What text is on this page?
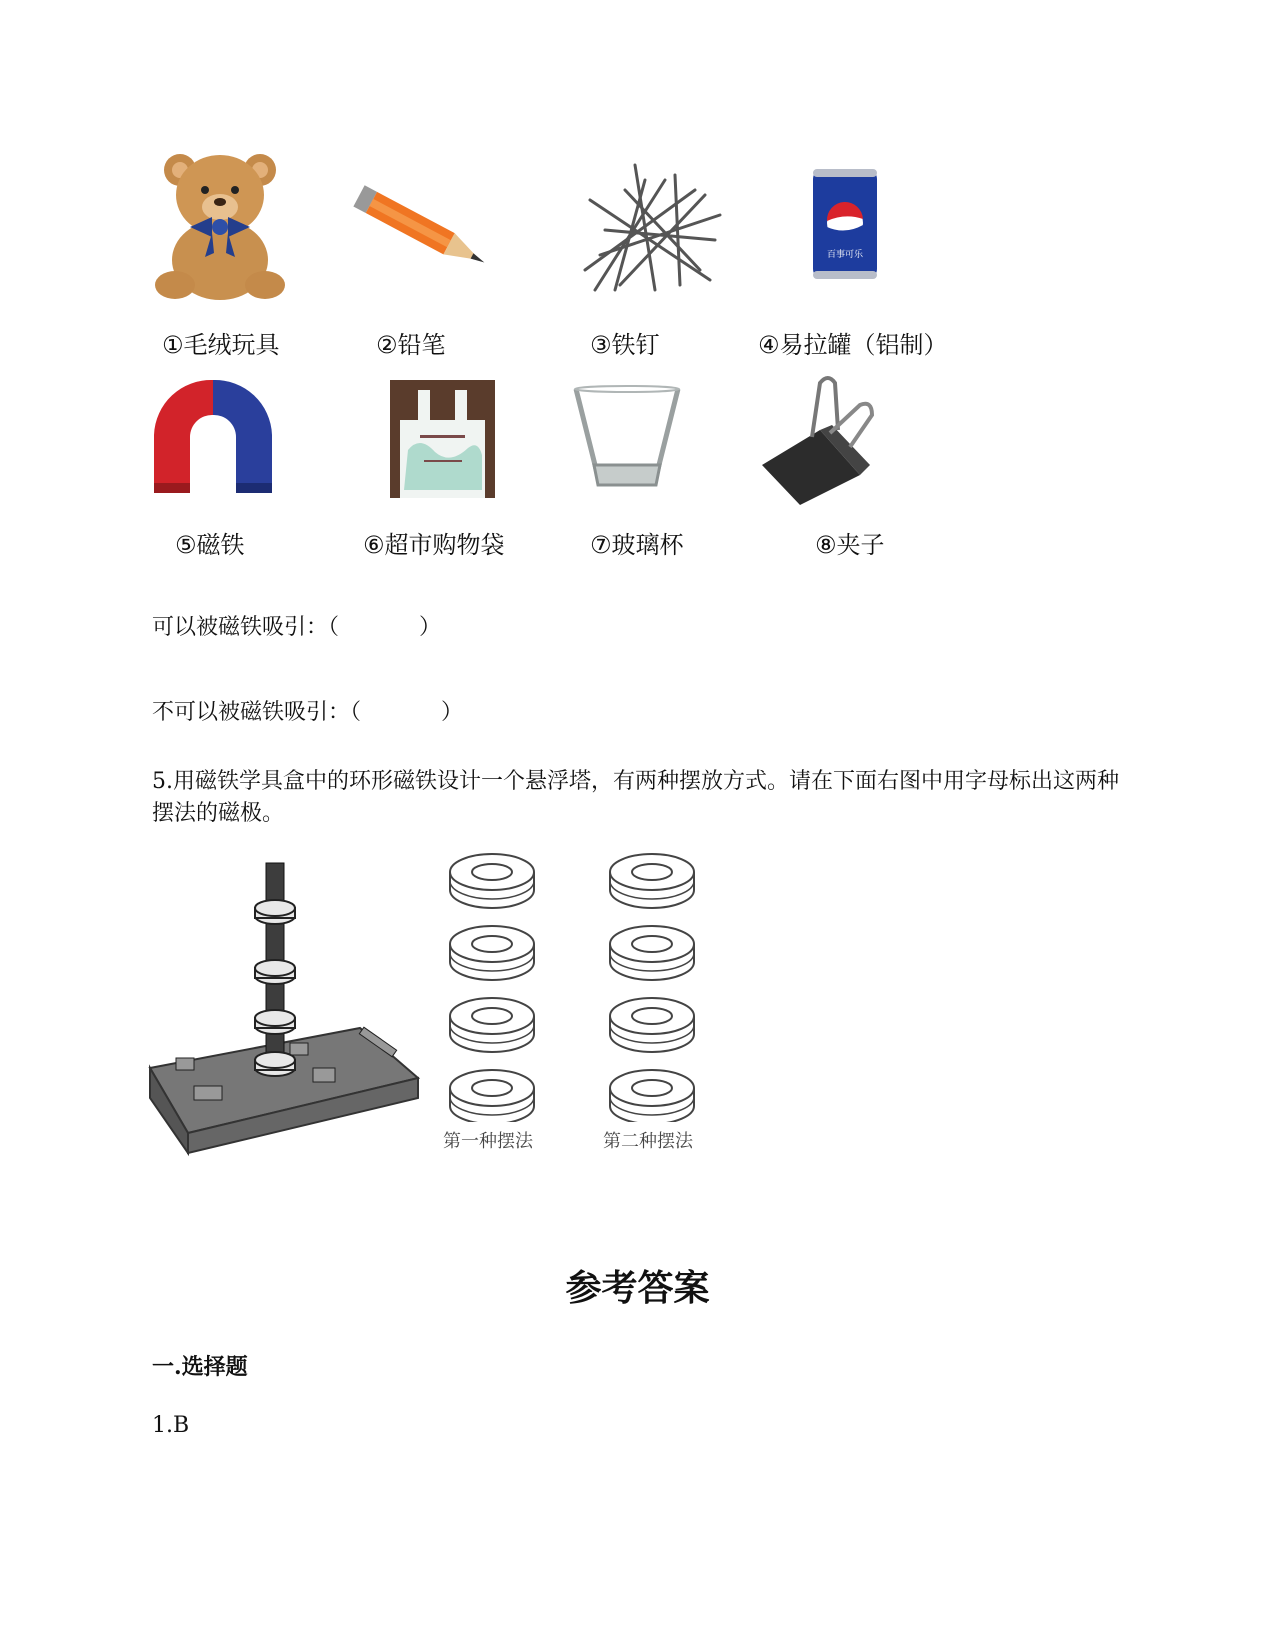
百事可乐
①毛绒玩具	②铅笔	③铁钉	④易拉罐（铝制）
⑤磁铁	⑥超市购物袋	⑦玻璃杯	⑧夹子
可以被磁铁吸引：（	）
不可以被磁铁吸引：（	）
5.用磁铁学具盒中的环形磁铁设计一个悬浮塔，有两种摆放方式。请在下面右图中用字母标出这两种摆法的磁极。
第一种摆法	第二种摆法
参考答案
一.选择题
1.B
